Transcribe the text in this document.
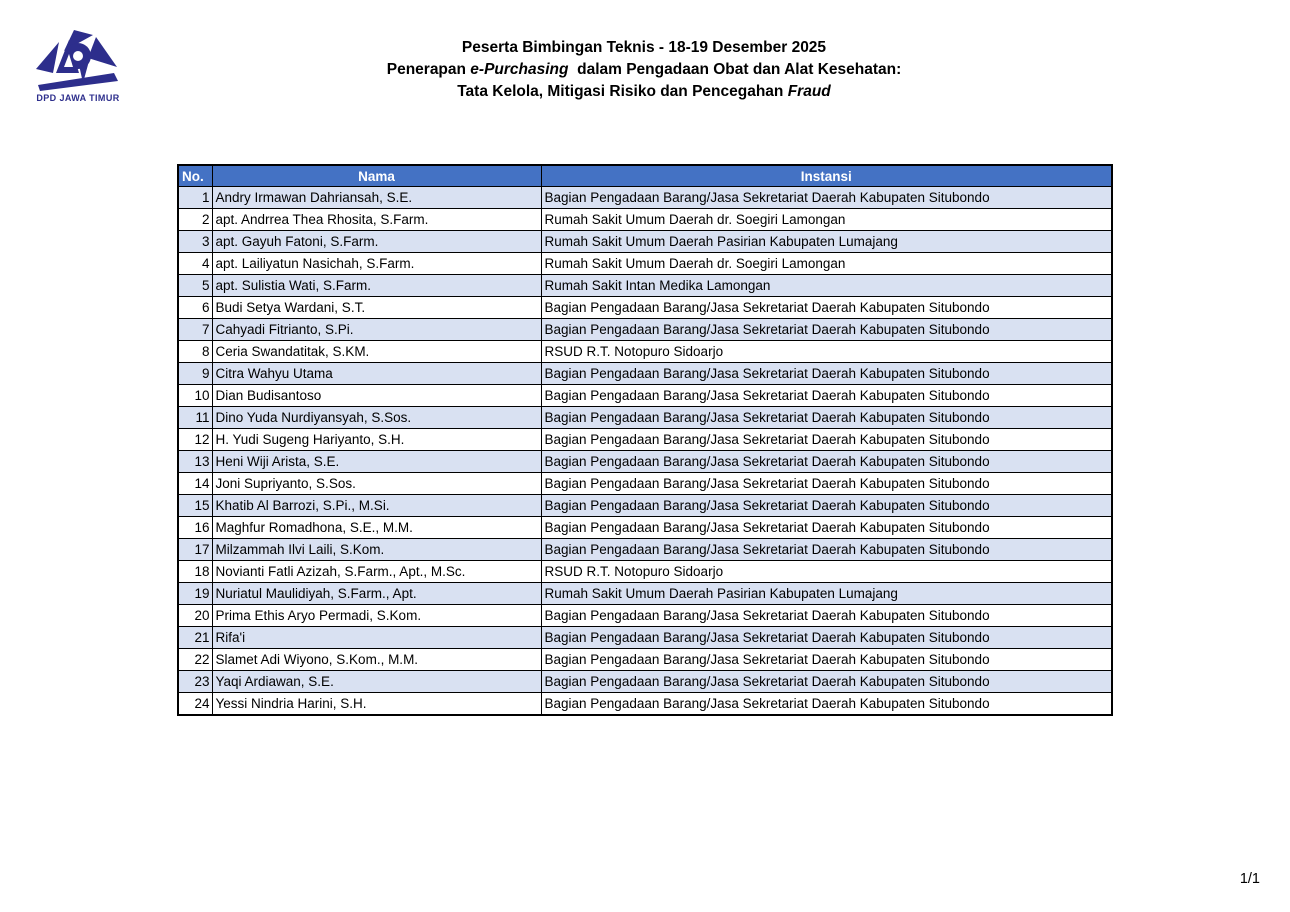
DPD JAWA TIMUR
Peserta Bimbingan Teknis - 18-19 Desember 2025
Penerapan e-Purchasing  dalam Pengadaan Obat dan Alat Kesehatan:
Tata Kelola, Mitigasi Risiko dan Pencegahan Fraud

No.	Nama	Instansi
1	Andry Irmawan Dahriansah, S.E.	Bagian Pengadaan Barang/Jasa Sekretariat Daerah Kabupaten Situbondo
2	apt. Andrrea Thea Rhosita, S.Farm.	Rumah Sakit Umum Daerah dr. Soegiri Lamongan
3	apt. Gayuh Fatoni, S.Farm.	Rumah Sakit Umum Daerah Pasirian Kabupaten Lumajang
4	apt. Lailiyatun Nasichah, S.Farm.	Rumah Sakit Umum Daerah dr. Soegiri Lamongan
5	apt. Sulistia Wati, S.Farm.	Rumah Sakit Intan Medika Lamongan
6	Budi Setya Wardani, S.T.	Bagian Pengadaan Barang/Jasa Sekretariat Daerah Kabupaten Situbondo
7	Cahyadi Fitrianto, S.Pi.	Bagian Pengadaan Barang/Jasa Sekretariat Daerah Kabupaten Situbondo
8	Ceria Swandatitak, S.KM.	RSUD R.T. Notopuro Sidoarjo
9	Citra Wahyu Utama	Bagian Pengadaan Barang/Jasa Sekretariat Daerah Kabupaten Situbondo
10	Dian Budisantoso	Bagian Pengadaan Barang/Jasa Sekretariat Daerah Kabupaten Situbondo
11	Dino Yuda Nurdiyansyah, S.Sos.	Bagian Pengadaan Barang/Jasa Sekretariat Daerah Kabupaten Situbondo
12	H. Yudi Sugeng Hariyanto, S.H.	Bagian Pengadaan Barang/Jasa Sekretariat Daerah Kabupaten Situbondo
13	Heni Wiji Arista, S.E.	Bagian Pengadaan Barang/Jasa Sekretariat Daerah Kabupaten Situbondo
14	Joni Supriyanto, S.Sos.	Bagian Pengadaan Barang/Jasa Sekretariat Daerah Kabupaten Situbondo
15	Khatib Al Barrozi, S.Pi., M.Si.	Bagian Pengadaan Barang/Jasa Sekretariat Daerah Kabupaten Situbondo
16	Maghfur Romadhona, S.E., M.M.	Bagian Pengadaan Barang/Jasa Sekretariat Daerah Kabupaten Situbondo
17	Milzammah Ilvi Laili, S.Kom.	Bagian Pengadaan Barang/Jasa Sekretariat Daerah Kabupaten Situbondo
18	Novianti Fatli Azizah, S.Farm., Apt., M.Sc.	RSUD R.T. Notopuro Sidoarjo
19	Nuriatul Maulidiyah, S.Farm., Apt.	Rumah Sakit Umum Daerah Pasirian Kabupaten Lumajang
20	Prima Ethis Aryo Permadi, S.Kom.	Bagian Pengadaan Barang/Jasa Sekretariat Daerah Kabupaten Situbondo
21	Rifa'i	Bagian Pengadaan Barang/Jasa Sekretariat Daerah Kabupaten Situbondo
22	Slamet Adi Wiyono, S.Kom., M.M.	Bagian Pengadaan Barang/Jasa Sekretariat Daerah Kabupaten Situbondo
23	Yaqi Ardiawan, S.E.	Bagian Pengadaan Barang/Jasa Sekretariat Daerah Kabupaten Situbondo
24	Yessi Nindria Harini, S.H.	Bagian Pengadaan Barang/Jasa Sekretariat Daerah Kabupaten Situbondo
1/1
